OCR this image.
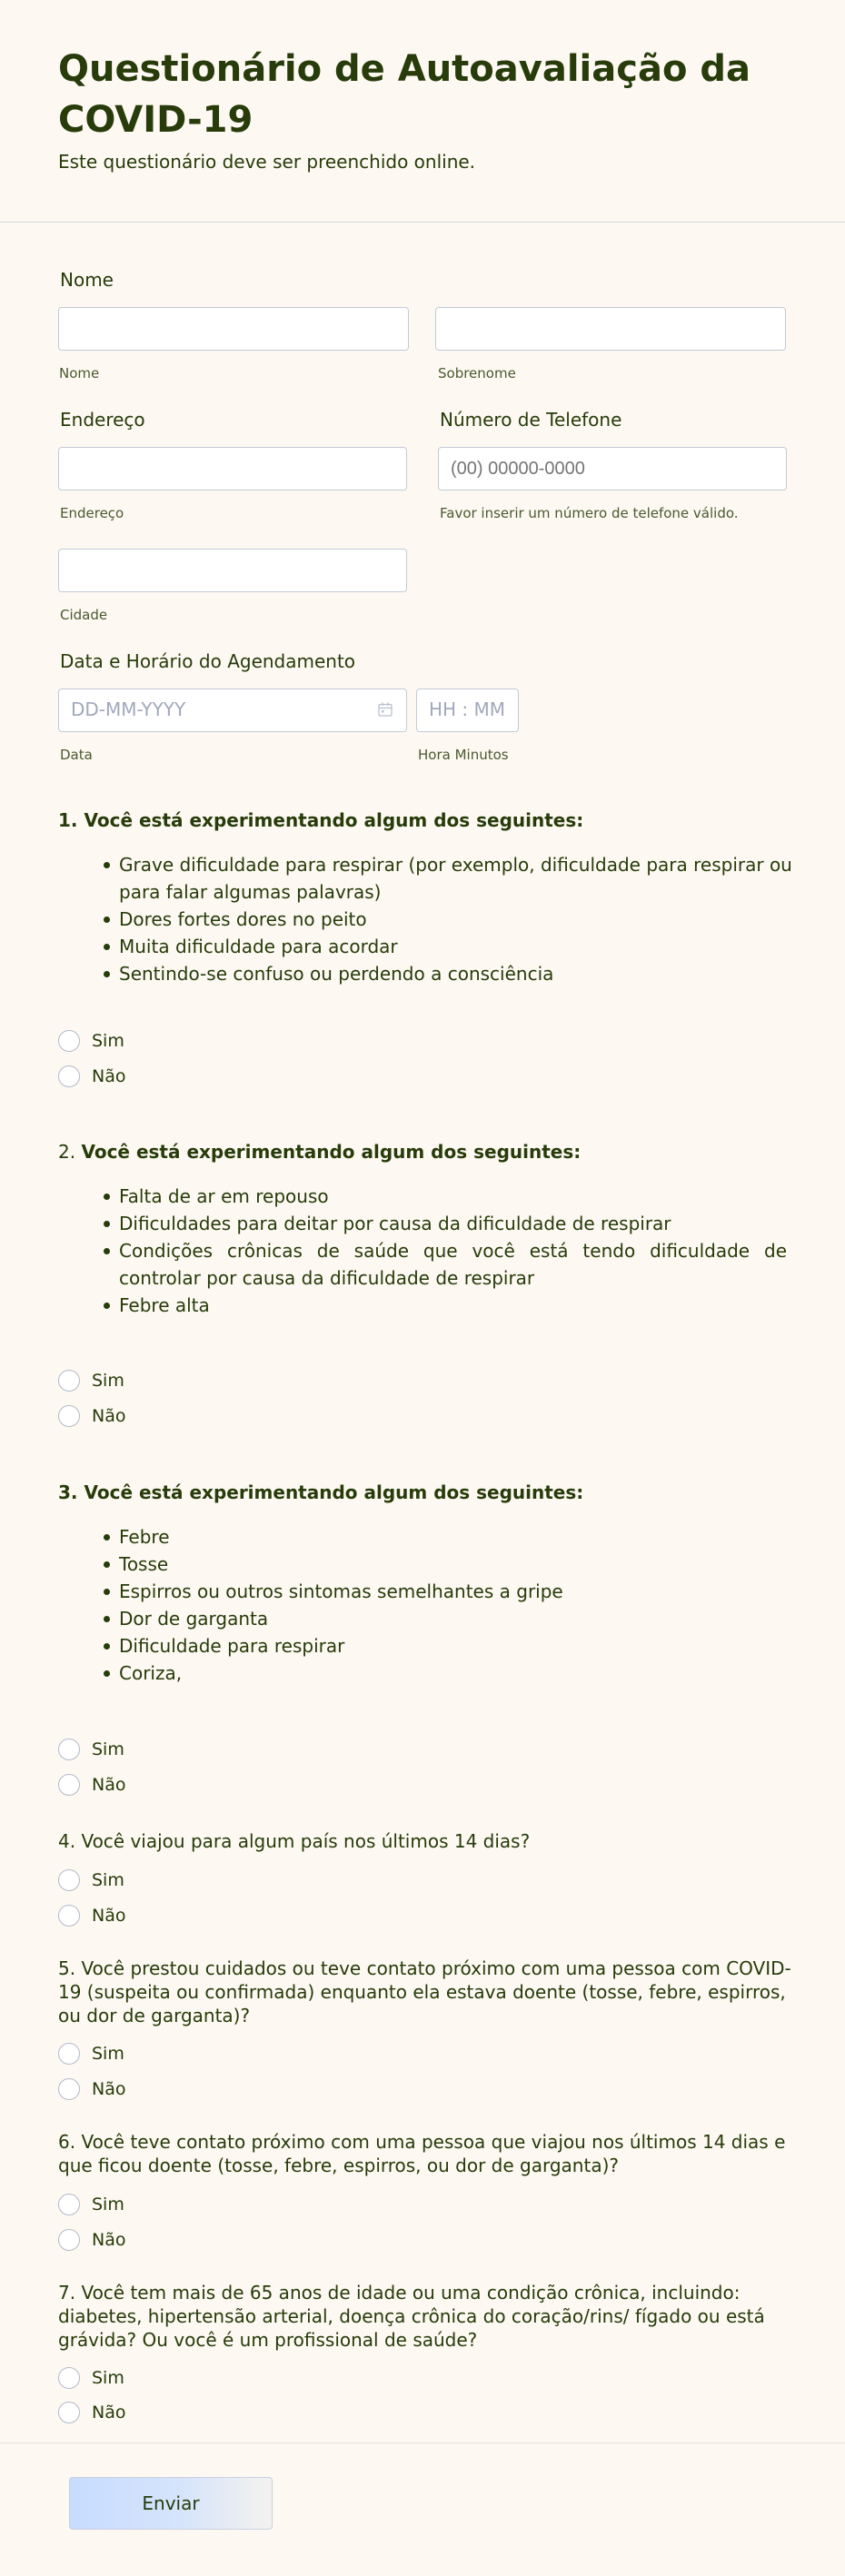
Questionário de Autoavaliação da COVID-19
Este questionário deve ser preenchido online.
Nome
Nome	Sobrenome
Endereço	Número de Telefone
(00) 00000-0000
Endereço	Favor inserir um número de telefone válido.
Cidade
Data e Horário do Agendamento
DD-MM-YYYY	HH : MM
Data	Hora Minutos
1. Você está experimentando algum dos seguintes:
Grave dificuldade para respirar (por exemplo, dificuldade para respirar ou para falar algumas palavras)
Dores fortes dores no peito
Muita dificuldade para acordar
Sentindo-se confuso ou perdendo a consciência
Sim
Não
2. Você está experimentando algum dos seguintes:
Falta de ar em repouso
Dificuldades para deitar por causa da dificuldade de respirar
Condições crônicas de saúde que você está tendo dificuldade de controlar por causa da dificuldade de respirar
Febre alta
Sim
Não
3. Você está experimentando algum dos seguintes:
Febre
Tosse
Espirros ou outros sintomas semelhantes a gripe
Dor de garganta
Dificuldade para respirar
Coriza,
Sim
Não
4. Você viajou para algum país nos últimos 14 dias?
Sim
Não
5. Você prestou cuidados ou teve contato próximo com uma pessoa com COVID-19 (suspeita ou confirmada) enquanto ela estava doente (tosse, febre, espirros, ou dor de garganta)?
Sim
Não
6. Você teve contato próximo com uma pessoa que viajou nos últimos 14 dias e que ficou doente (tosse, febre, espirros, ou dor de garganta)?
Sim
Não
7. Você tem mais de 65 anos de idade ou uma condição crônica, incluindo: diabetes, hipertensão arterial, doença crônica do coração/rins/ fígado ou está grávida? Ou você é um profissional de saúde?
Sim
Não
Enviar
